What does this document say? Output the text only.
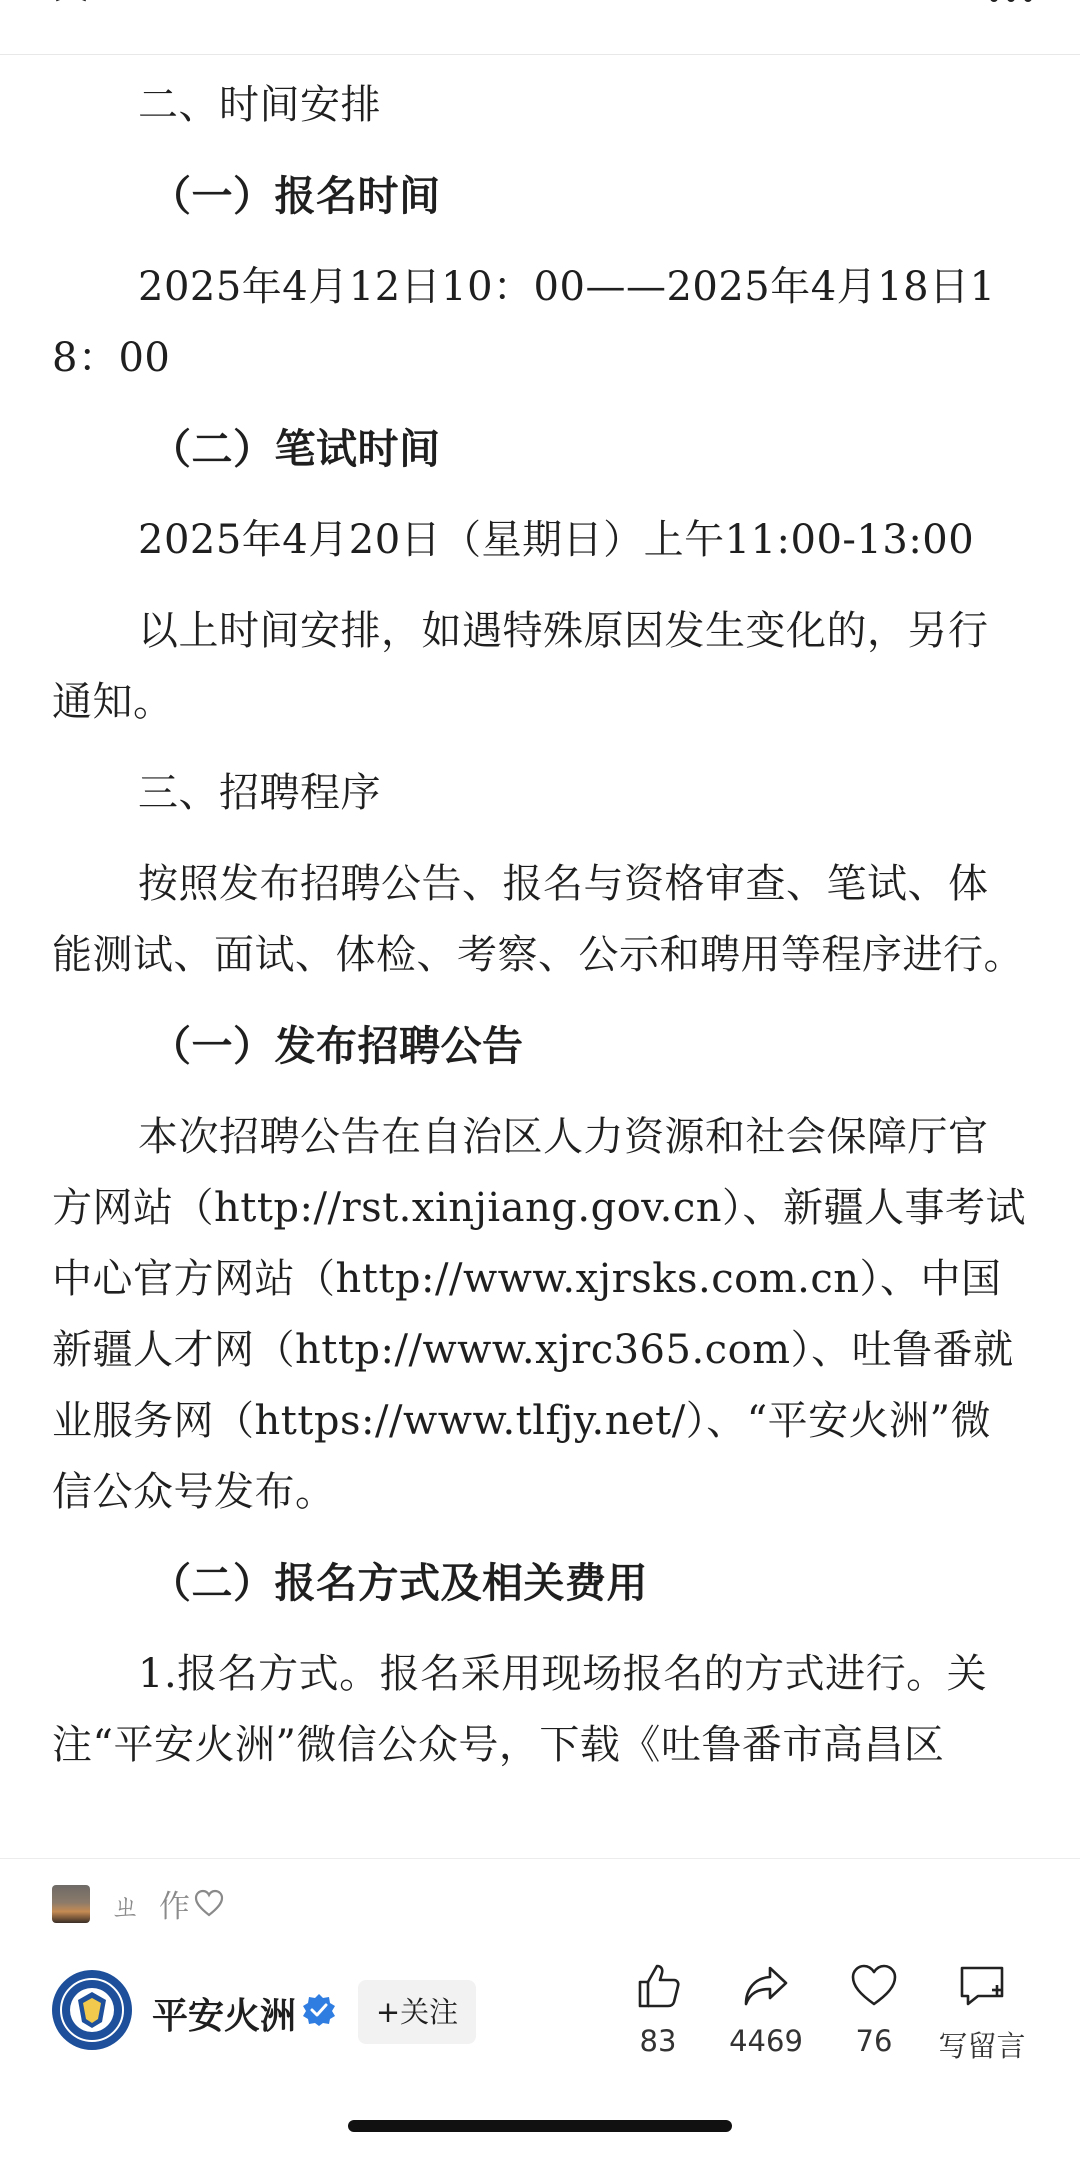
二、时间安排

（一）报名时间

2025年4月12日10：00——2025年4月18日18：00

（二）笔试时间

2025年4月20日（星期日）上午11:00-13:00

以上时间安排，如遇特殊原因发生变化的，另行通知。

三、招聘程序

按照发布招聘公告、报名与资格审查、笔试、体能测试、面试、体检、考察、公示和聘用等程序进行。

（一）发布招聘公告

本次招聘公告在自治区人力资源和社会保障厅官方网站（http://rst.xinjiang.gov.cn）、新疆人事考试中心官方网站（http://www.xjrsks.com.cn）、中国新疆人才网（http://www.xjrc365.com）、吐鲁番就业服务网（https://www.tlfjy.net/）、“平安火洲”微信公众号发布。

（二）报名方式及相关费用

1.报名方式。报名采用现场报名的方式进行。关注“平安火洲”微信公众号，下载《吐鲁番市高昌区

ㄓ 作
平安火洲	+关注
83	4469	76	写留言
